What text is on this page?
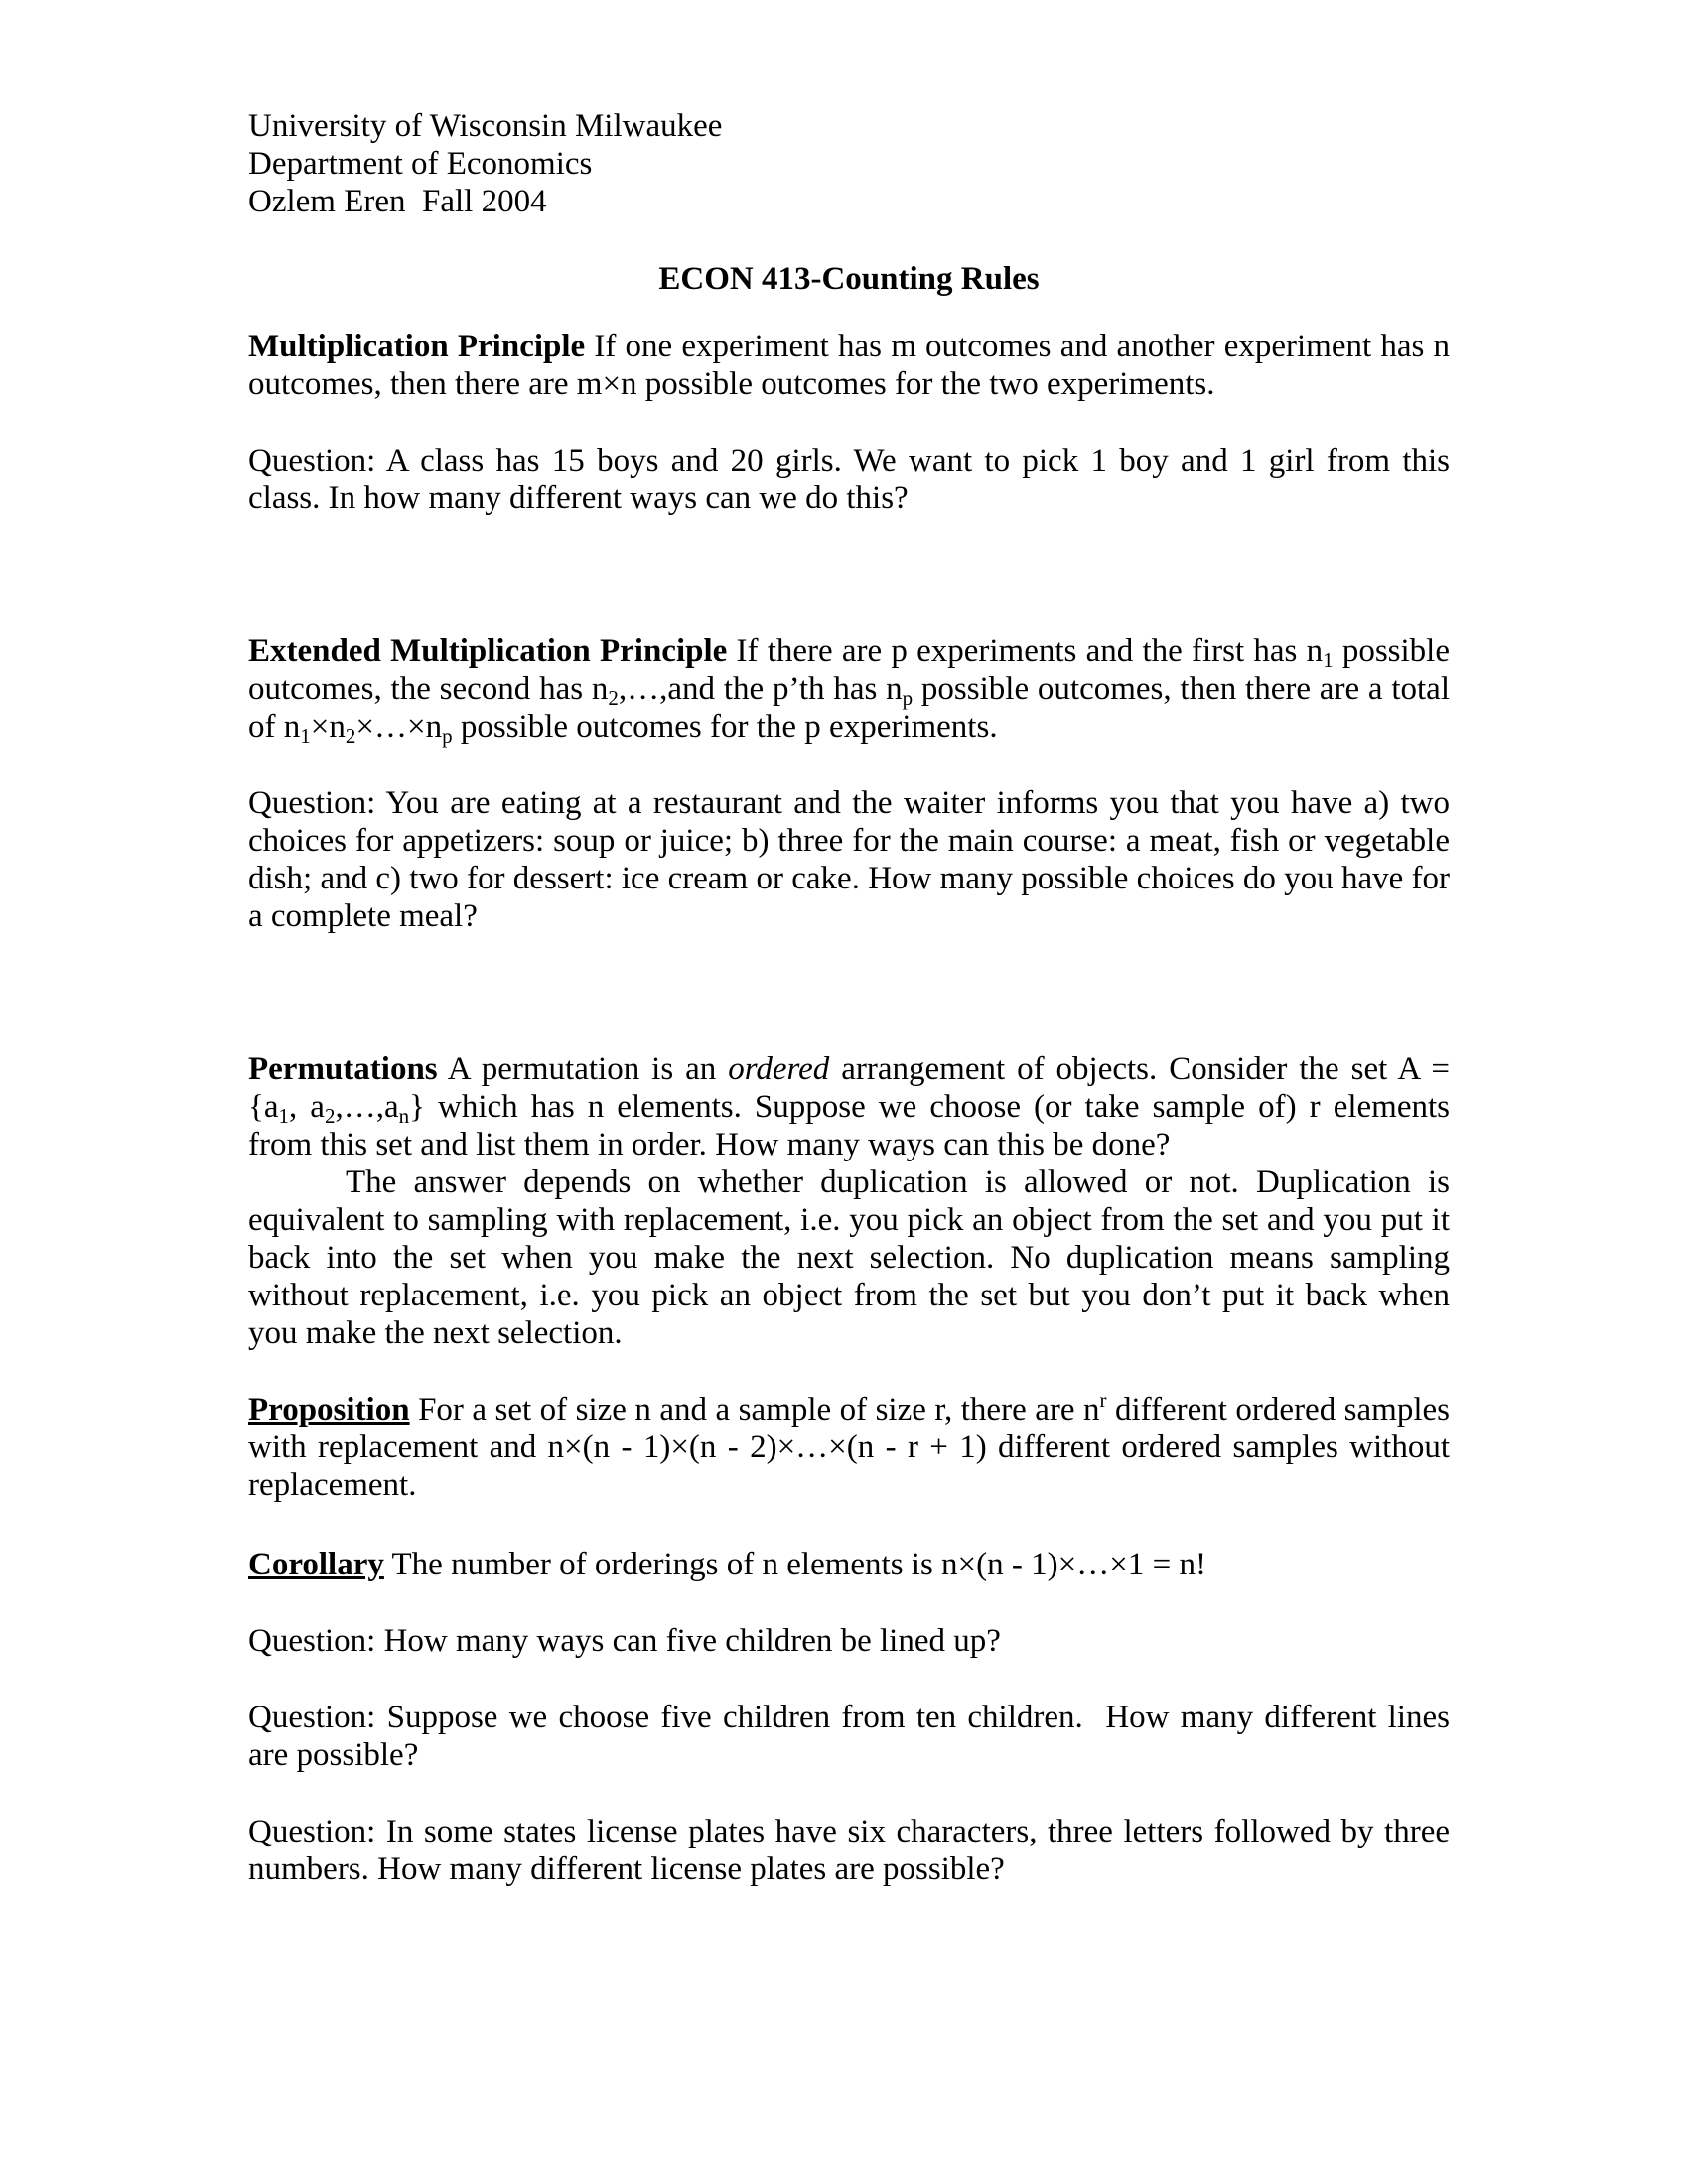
University of Wisconsin Milwaukee
Department of Economics
Ozlem Eren  Fall 2004
ECON 413-Counting Rules

Multiplication Principle If one experiment has m outcomes and another experiment has n outcomes, then there are m×n possible outcomes for the two experiments.

Question: A class has 15 boys and 20 girls. We want to pick 1 boy and 1 girl from this class. In how many different ways can we do this?

Extended Multiplication Principle If there are p experiments and the first has $n_1$ possible outcomes, the second has $n_2,\dots,and$ the p’th has $n_p$ possible outcomes, then there are a total of $n_1\times n_2\times\dots\times n_p$ possible outcomes for the p experiments.

Question: You are eating at a restaurant and the waiter informs you that you have a) two choices for appetizers: soup or juice; b) three for the main course: a meat, fish or vegetable dish; and c) two for dessert: ice cream or cake. How many possible choices do you have for a complete meal?

Permutations A permutation is an ordered arrangement of objects. Consider the set $A = \{a_1$, $a_2,\dots,a_n$} which has n elements. Suppose we choose (or take sample of) r elements from this set and list them in order. How many ways can this be done?

The answer depends on whether duplication is allowed or not. Duplication is equivalent to sampling with replacement, i.e. you pick an object from the set and you put it back into the set when you make the next selection. No duplication means sampling without replacement, i.e. you pick an object from the set but you don’t put it back when you make the next selection.

Proposition For a set of size n and a sample of size r, there are $n^r$ different ordered samples with replacement and n×(n - 1)×(n - 2)×…×(n - r + 1) different ordered samples without replacement.

Corollary The number of orderings of n elements is n×(n - 1)×…×1 = n!

Question: How many ways can five children be lined up?

Question: Suppose we choose five children from ten children.  How many different lines are possible?

Question: In some states license plates have six characters, three letters followed by three numbers. How many different license plates are possible?
